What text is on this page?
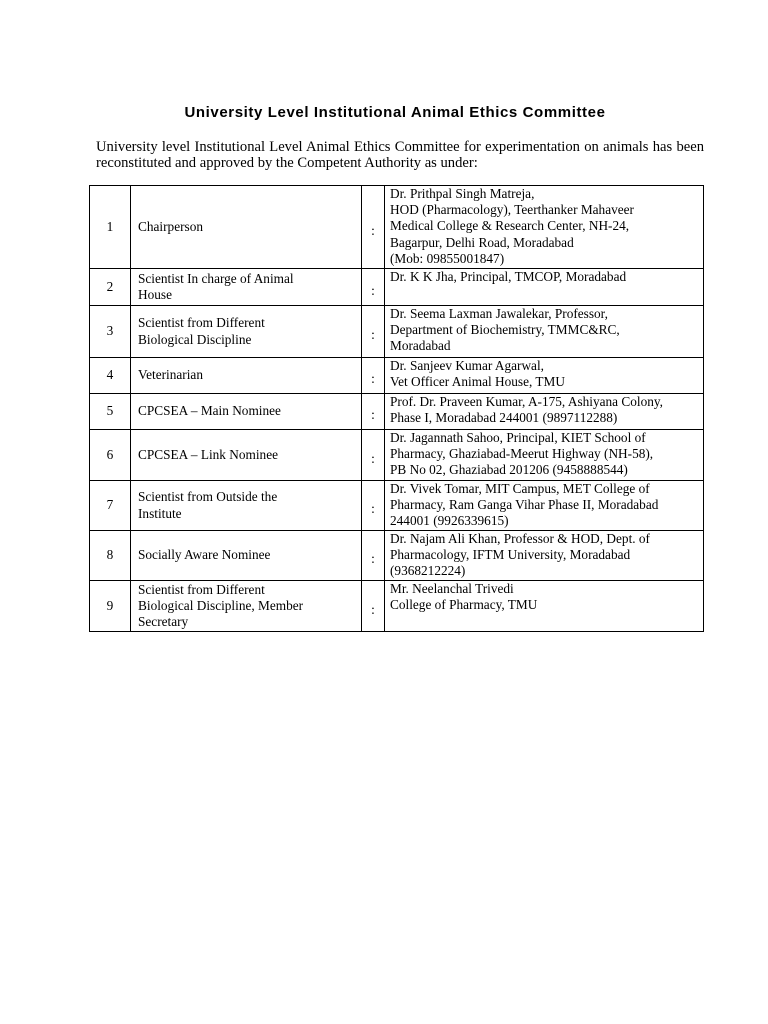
University Level Institutional Animal Ethics Committee
University level Institutional Level Animal Ethics Committee for experimentation on animals has been reconstituted and approved by the Competent Authority as under:
1	Chairperson	:	Dr. Prithpal Singh Matreja,
HOD (Pharmacology), Teerthanker Mahaveer
Medical College & Research Center, NH-24,
Bagarpur, Delhi Road, Moradabad
(Mob: 09855001847)

2	Scientist In charge of Animal
House	:	Dr. K K Jha, Principal, TMCOP, Moradabad

3	Scientist from Different
Biological Discipline	:	Dr. Seema Laxman Jawalekar, Professor,
Department of Biochemistry, TMMC&RC,
Moradabad

4	Veterinarian	:	Dr. Sanjeev Kumar Agarwal,
Vet Officer Animal House, TMU

5	CPCSEA – Main Nominee	:	Prof. Dr. Praveen Kumar, A-175, Ashiyana Colony,
Phase I, Moradabad 244001 (9897112288)

6	CPCSEA – Link Nominee	:	Dr. Jagannath Sahoo, Principal, KIET School of
Pharmacy, Ghaziabad-Meerut Highway (NH-58),
PB No 02, Ghaziabad 201206 (9458888544)

7	Scientist from Outside the
Institute	:	Dr. Vivek Tomar, MIT Campus, MET College of
Pharmacy, Ram Ganga Vihar Phase II, Moradabad
244001 (9926339615)

8	Socially Aware Nominee	:	Dr. Najam Ali Khan, Professor & HOD, Dept. of
Pharmacology, IFTM University, Moradabad
(9368212224)

9	Scientist from Different
Biological Discipline, Member
Secretary	:	Mr. Neelanchal Trivedi
College of Pharmacy, TMU
